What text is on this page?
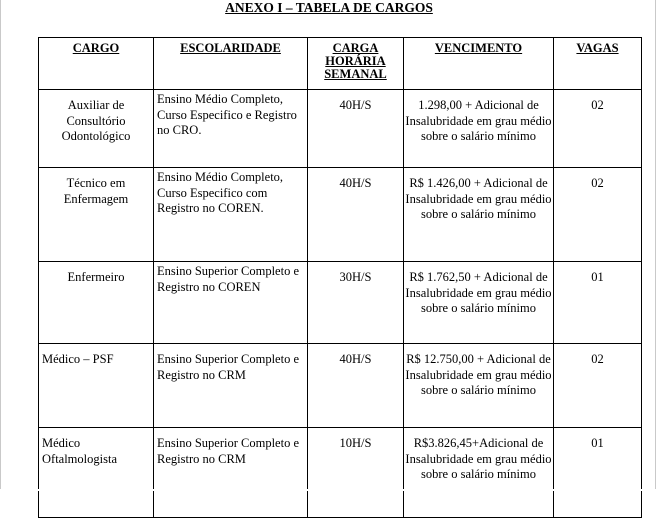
ANEXO I – TABELA DE CARGOS
CARGO	ESCOLARIDADE	CARGA HORÁRIA SEMANAL	VENCIMENTO	VAGAS
Auxiliar de Consultório Odontológico	Ensino Médio Completo, Curso Especifico e Registro no CRO.	40H/S	1.298,00 + Adicional de Insalubridade em grau médio sobre o salário mínimo	02
Técnico em Enfermagem	Ensino Médio Completo, Curso Especifico com Registro no COREN.	40H/S	R$ 1.426,00 + Adicional de Insalubridade em grau médio sobre o salário mínimo	02
Enfermeiro	Ensino Superior Completo e Registro no COREN	30H/S	R$ 1.762,50 + Adicional de Insalubridade em grau médio sobre o salário mínimo	01
Médico – PSF	Ensino Superior Completo e Registro no CRM	40H/S	R$ 12.750,00 + Adicional de Insalubridade em grau médio sobre o salário mínimo	02
Médico Oftalmologista	Ensino Superior Completo e Registro no CRM	10H/S	R$3.826,45+Adicional de Insalubridade em grau médio sobre o salário mínimo	01
